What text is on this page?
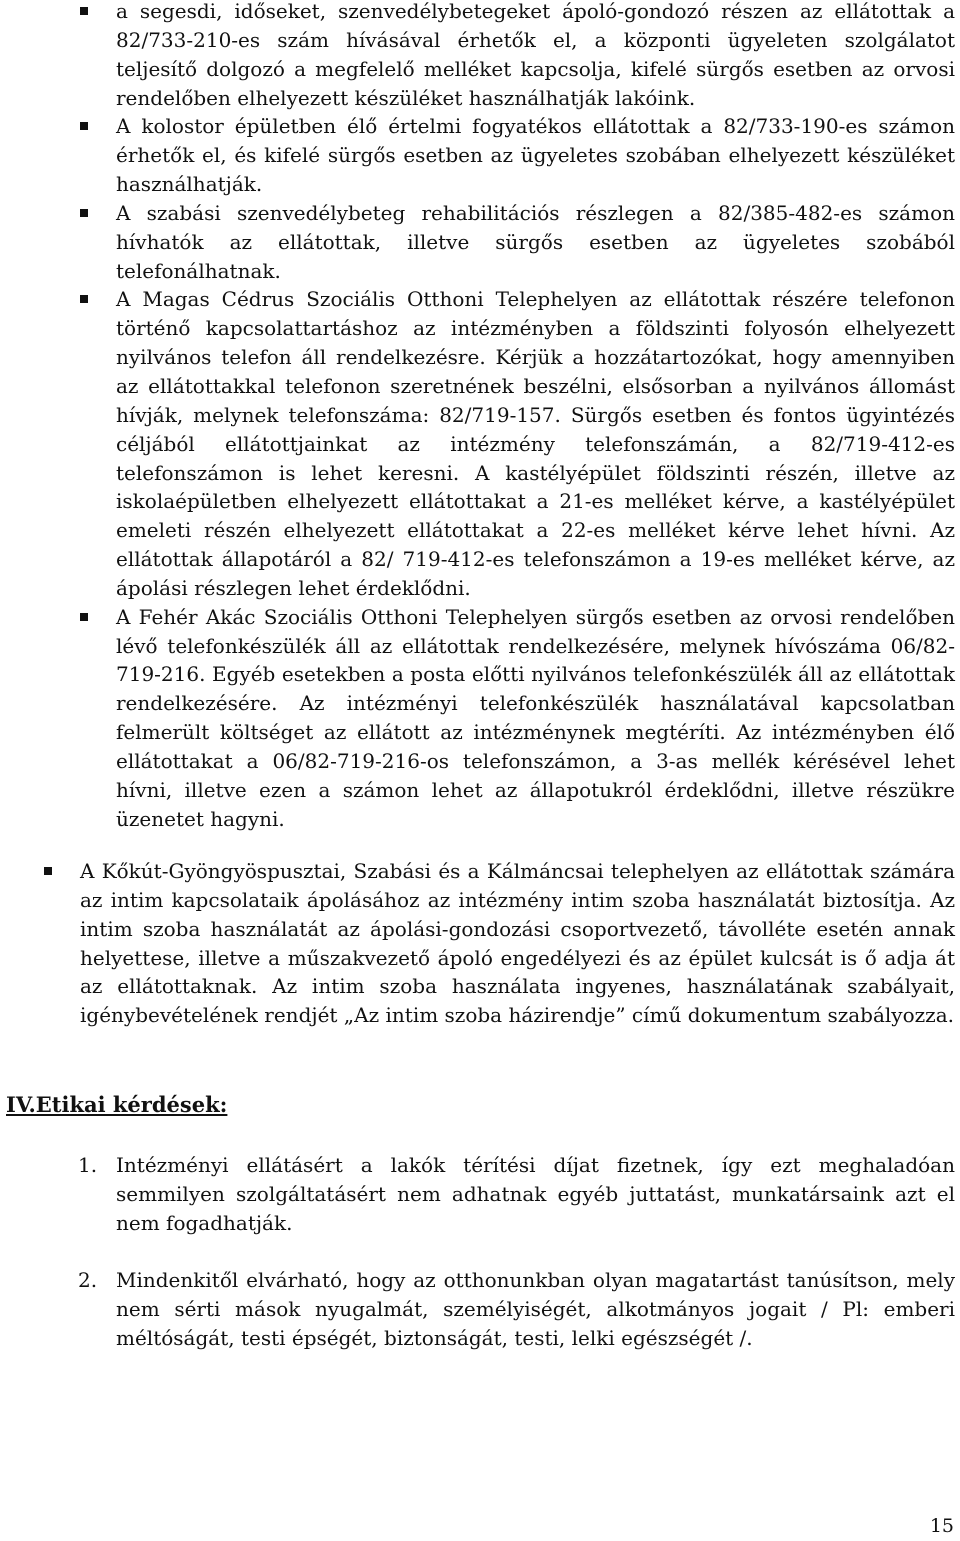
a segesdi, időseket, szenvedélybetegeket ápoló-gondozó részen az ellátottak a 82/733-210-es szám hívásával érhetők el, a központi ügyeleten szolgálatot teljesítő dolgozó a megfelelő melléket kapcsolja, kifelé sürgős esetben az orvosi rendelőben elhelyezett készüléket használhatják lakóink.
A kolostor épületben élő értelmi fogyatékos ellátottak a 82/733-190-es számon érhetők el, és kifelé sürgős esetben az ügyeletes szobában elhelyezett készüléket használhatják.
A szabási szenvedélybeteg rehabilitációs részlegen a 82/385-482-es számon hívhatók az ellátottak, illetve sürgős esetben az ügyeletes szobából telefonálhatnak.
A Magas Cédrus Szociális Otthoni Telephelyen az ellátottak részére telefonon történő kapcsolattartáshoz az intézményben a földszinti folyosón elhelyezett nyilvános telefon áll rendelkezésre. Kérjük a hozzátartozókat, hogy amennyiben az ellátottakkal telefonon szeretnének beszélni, elsősorban a nyilvános állomást hívják, melynek telefonszáma: 82/719-157. Sürgős esetben és fontos ügyintézés céljából ellátottjainkat az intézmény telefonszámán, a 82/719-412-es telefonszámon is lehet keresni. A kastélyépület földszinti részén, illetve az iskolaépületben elhelyezett ellátottakat a 21-es melléket kérve, a kastélyépület emeleti részén elhelyezett ellátottakat a 22-es melléket kérve lehet hívni. Az ellátottak állapotáról a 82/ 719-412-es telefonszámon a 19-es melléket kérve, az ápolási részlegen lehet érdeklődni.
A Fehér Akác Szociális Otthoni Telephelyen sürgős esetben az orvosi rendelőben lévő telefonkészülék áll az ellátottak rendelkezésére, melynek hívószáma 06/82-719-216. Egyéb esetekben a posta előtti nyilvános telefonkészülék áll az ellátottak rendelkezésére. Az intézményi telefonkészülék használatával kapcsolatban felmerült költséget az ellátott az intézménynek megtéríti. Az intézményben élő ellátottakat a 06/82-719-216-os telefonszámon, a 3-as mellék kérésével lehet hívni, illetve ezen a számon lehet az állapotukról érdeklődni, illetve részükre üzenetet hagyni.
A Kőkút-Gyöngyöspusztai, Szabási és a Kálmáncsai telephelyen az ellátottak számára az intim kapcsolataik ápolásához az intézmény intim szoba használatát biztosítja. Az intim szoba használatát az ápolási-gondozási csoportvezető, távolléte esetén annak helyettese, illetve a műszakvezető ápoló engedélyezi és az épület kulcsát is ő adja át az ellátottaknak. Az intim szoba használata ingyenes, használatának szabályait, igénybevételének rendjét „Az intim szoba házirendje” című dokumentum szabályozza.
IV.Etikai kérdések:
1. Intézményi ellátásért a lakók térítési díjat fizetnek, így ezt meghaladóan semmilyen szolgáltatásért nem adhatnak egyéb juttatást, munkatársaink azt el nem fogadhatják.
2. Mindenkitől elvárható, hogy az otthonunkban olyan magatartást tanúsítson, mely nem sérti mások nyugalmát, személyiségét, alkotmányos jogait / Pl: emberi méltóságát, testi épségét, biztonságát, testi, lelki egészségét /.
15
